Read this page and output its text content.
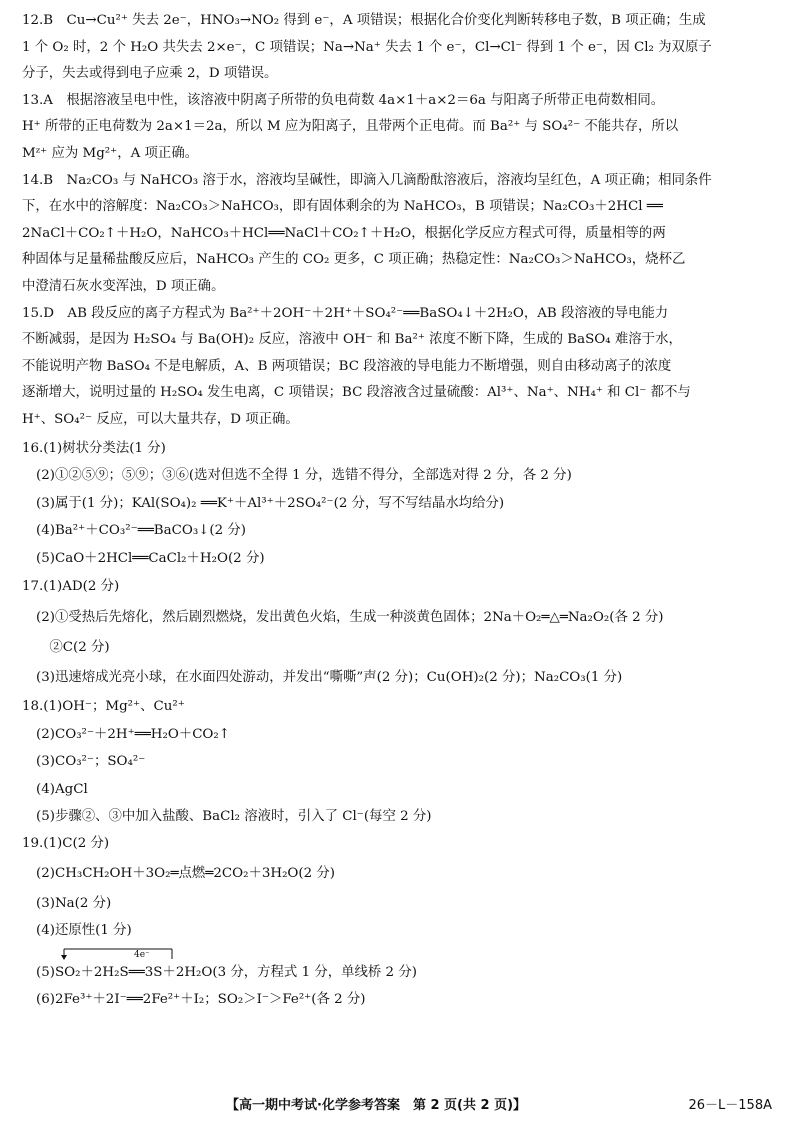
12.B　Cu→Cu²⁺ 失去 2e⁻，HNO₃→NO₂ 得到 e⁻，A 项错误；根据化合价变化判断转移电子数，B 项正确；生成
1 个 O₂ 时，2 个 H₂O 共失去 2×e⁻，C 项错误；Na→Na⁺ 失去 1 个 e⁻，Cl→Cl⁻ 得到 1 个 e⁻，因 Cl₂ 为双原子
分子，失去或得到电子应乘 2，D 项错误。
13.A　根据溶液呈电中性，该溶液中阴离子所带的负电荷数 4a×1＋a×2＝6a 与阳离子所带正电荷数相同。
H⁺ 所带的正电荷数为 2a×1＝2a，所以 M 应为阳离子，且带两个正电荷。而 Ba²⁺ 与 SO₄²⁻ 不能共存，所以
Mᶻ⁺ 应为 Mg²⁺，A 项正确。
14.B　Na₂CO₃ 与 NaHCO₃ 溶于水，溶液均呈碱性，即滴入几滴酚酞溶液后，溶液均呈红色，A 项正确；相同条件
下，在水中的溶解度：Na₂CO₃＞NaHCO₃，即有固体剩余的为 NaHCO₃，B 项错误；Na₂CO₃＋2HCl ══
2NaCl＋CO₂↑＋H₂O，NaHCO₃＋HCl══NaCl＋CO₂↑＋H₂O，根据化学反应方程式可得，质量相等的两
种固体与足量稀盐酸反应后，NaHCO₃ 产生的 CO₂ 更多，C 项正确；热稳定性：Na₂CO₃＞NaHCO₃，烧杯乙
中澄清石灰水变浑浊，D 项正确。
15.D　AB 段反应的离子方程式为 Ba²⁺＋2OH⁻＋2H⁺＋SO₄²⁻══BaSO₄↓＋2H₂O，AB 段溶液的导电能力
不断减弱，是因为 H₂SO₄ 与 Ba(OH)₂ 反应，溶液中 OH⁻ 和 Ba²⁺ 浓度不断下降，生成的 BaSO₄ 难溶于水，
不能说明产物 BaSO₄ 不是电解质，A、B 两项错误；BC 段溶液的导电能力不断增强，则自由移动离子的浓度
逐渐增大，说明过量的 H₂SO₄ 发生电离，C 项错误；BC 段溶液含过量硫酸：Al³⁺、Na⁺、NH₄⁺ 和 Cl⁻ 都不与
H⁺、SO₄²⁻ 反应，可以大量共存，D 项正确。
16.(1)树状分类法(1 分)
(2)①②⑤⑨；⑤⑨；③⑥(选对但选不全得 1 分，选错不得分，全部选对得 2 分，各 2 分)
(3)属于(1 分)；KAl(SO₄)₂ ══K⁺＋Al³⁺＋2SO₄²⁻(2 分，写不写结晶水均给分)
(4)Ba²⁺＋CO₃²⁻══BaCO₃↓(2 分)
(5)CaO＋2HCl══CaCl₂＋H₂O(2 分)
17.(1)AD(2 分)
(2)①受热后先熔化，然后剧烈燃烧，发出黄色火焰，生成一种淡黄色固体；2Na＋O₂═△═Na₂O₂(各 2 分)
　②C(2 分)
(3)迅速熔成光亮小球，在水面四处游动，并发出“嘶嘶”声(2 分)；Cu(OH)₂(2 分)；Na₂CO₃(1 分)
18.(1)OH⁻；Mg²⁺、Cu²⁺
(2)CO₃²⁻＋2H⁺══H₂O＋CO₂↑
(3)CO₃²⁻；SO₄²⁻
(4)AgCl
(5)步骤②、③中加入盐酸、BaCl₂ 溶液时，引入了 Cl⁻(每空 2 分)
19.(1)C(2 分)
(2)CH₃CH₂OH＋3O₂═点燃═2CO₂＋3H₂O(2 分)
(3)Na(2 分)
(4)还原性(1 分)
4e⁻
(5)SO₂＋2H₂S══3S＋2H₂O(3 分，方程式 1 分，单线桥 2 分)
(6)2Fe³⁺＋2I⁻══2Fe²⁺＋I₂；SO₂＞I⁻＞Fe²⁺(各 2 分)
【高一期中考试·化学参考答案　第 2 页(共 2 页)】	26－L－158A
